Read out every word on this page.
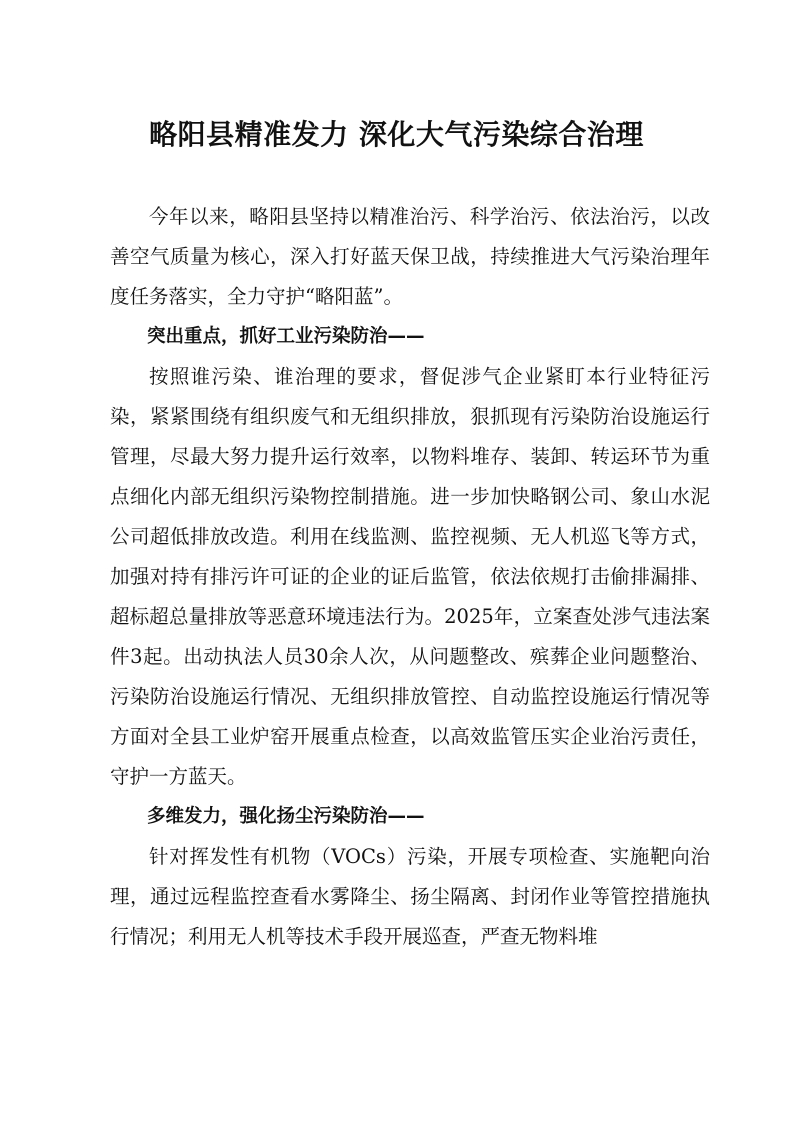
略阳县精准发力 深化大气污染综合治理

今年以来，略阳县坚持以精准治污、科学治污、依法治污，以改善空气质量为核心，深入打好蓝天保卫战，持续推进大气污染治理年度任务落实，全力守护“略阳蓝”。

突出重点，抓好工业污染防治——

按照谁污染、谁治理的要求，督促涉气企业紧盯本行业特征污染，紧紧围绕有组织废气和无组织排放，狠抓现有污染防治设施运行管理，尽最大努力提升运行效率，以物料堆存、装卸、转运环节为重点细化内部无组织污染物控制措施。进一步加快略钢公司、象山水泥公司超低排放改造。利用在线监测、监控视频、无人机巡飞等方式，加强对持有排污许可证的企业的证后监管，依法依规打击偷排漏排、超标超总量排放等恶意环境违法行为。2025年，立案查处涉气违法案件3起。出动执法人员30余人次，从问题整改、殡葬企业问题整治、污染防治设施运行情况、无组织排放管控、自动监控设施运行情况等方面对全县工业炉窑开展重点检查，以高效监管压实企业治污责任，守护一方蓝天。

多维发力，强化扬尘污染防治——

针对挥发性有机物（VOCs）污染，开展专项检查、实施靶向治理，通过远程监控查看水雾降尘、扬尘隔离、封闭作业等管控措施执行情况；利用无人机等技术手段开展巡查，严查无物料堆
